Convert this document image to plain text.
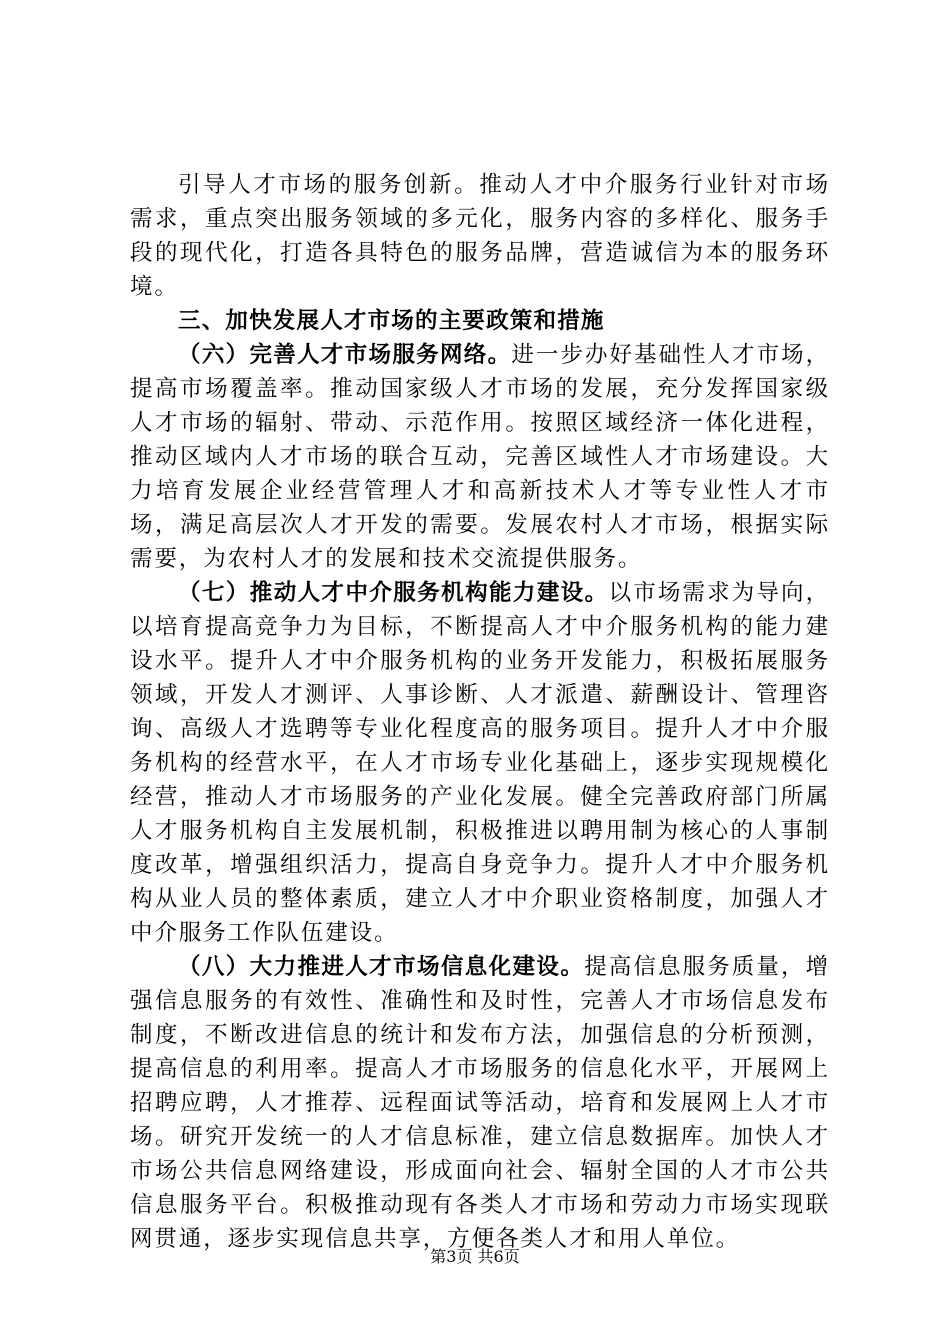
引导人才市场的服务创新。推动人才中介服务行业针对市场需求，重点突出服务领域的多元化，服务内容的多样化、服务手段的现代化，打造各具特色的服务品牌，营造诚信为本的服务环境。

三、加快发展人才市场的主要政策和措施

（六）完善人才市场服务网络。进一步办好基础性人才市场，提高市场覆盖率。推动国家级人才市场的发展，充分发挥国家级人才市场的辐射、带动、示范作用。按照区域经济一体化进程，推动区域内人才市场的联合互动，完善区域性人才市场建设。大力培育发展企业经营管理人才和高新技术人才等专业性人才市场，满足高层次人才开发的需要。发展农村人才市场，根据实际需要，为农村人才的发展和技术交流提供服务。

（七）推动人才中介服务机构能力建设。以市场需求为导向，以培育提高竞争力为目标，不断提高人才中介服务机构的能力建设水平。提升人才中介服务机构的业务开发能力，积极拓展服务领域，开发人才测评、人事诊断、人才派遣、薪酬设计、管理咨询、高级人才选聘等专业化程度高的服务项目。提升人才中介服务机构的经营水平，在人才市场专业化基础上，逐步实现规模化经营，推动人才市场服务的产业化发展。健全完善政府部门所属人才服务机构自主发展机制，积极推进以聘用制为核心的人事制度改革，增强组织活力，提高自身竞争力。提升人才中介服务机构从业人员的整体素质，建立人才中介职业资格制度，加强人才中介服务工作队伍建设。

（八）大力推进人才市场信息化建设。提高信息服务质量，增强信息服务的有效性、准确性和及时性，完善人才市场信息发布制度，不断改进信息的统计和发布方法，加强信息的分析预测，提高信息的利用率。提高人才市场服务的信息化水平，开展网上招聘应聘，人才推荐、远程面试等活动，培育和发展网上人才市场。研究开发统一的人才信息标准，建立信息数据库。加快人才市场公共信息网络建设，形成面向社会、辐射全国的人才市公共信息服务平台。积极推动现有各类人才市场和劳动力市场实现联网贯通，逐步实现信息共享，方便各类人才和用人单位。

第3页 共6页
